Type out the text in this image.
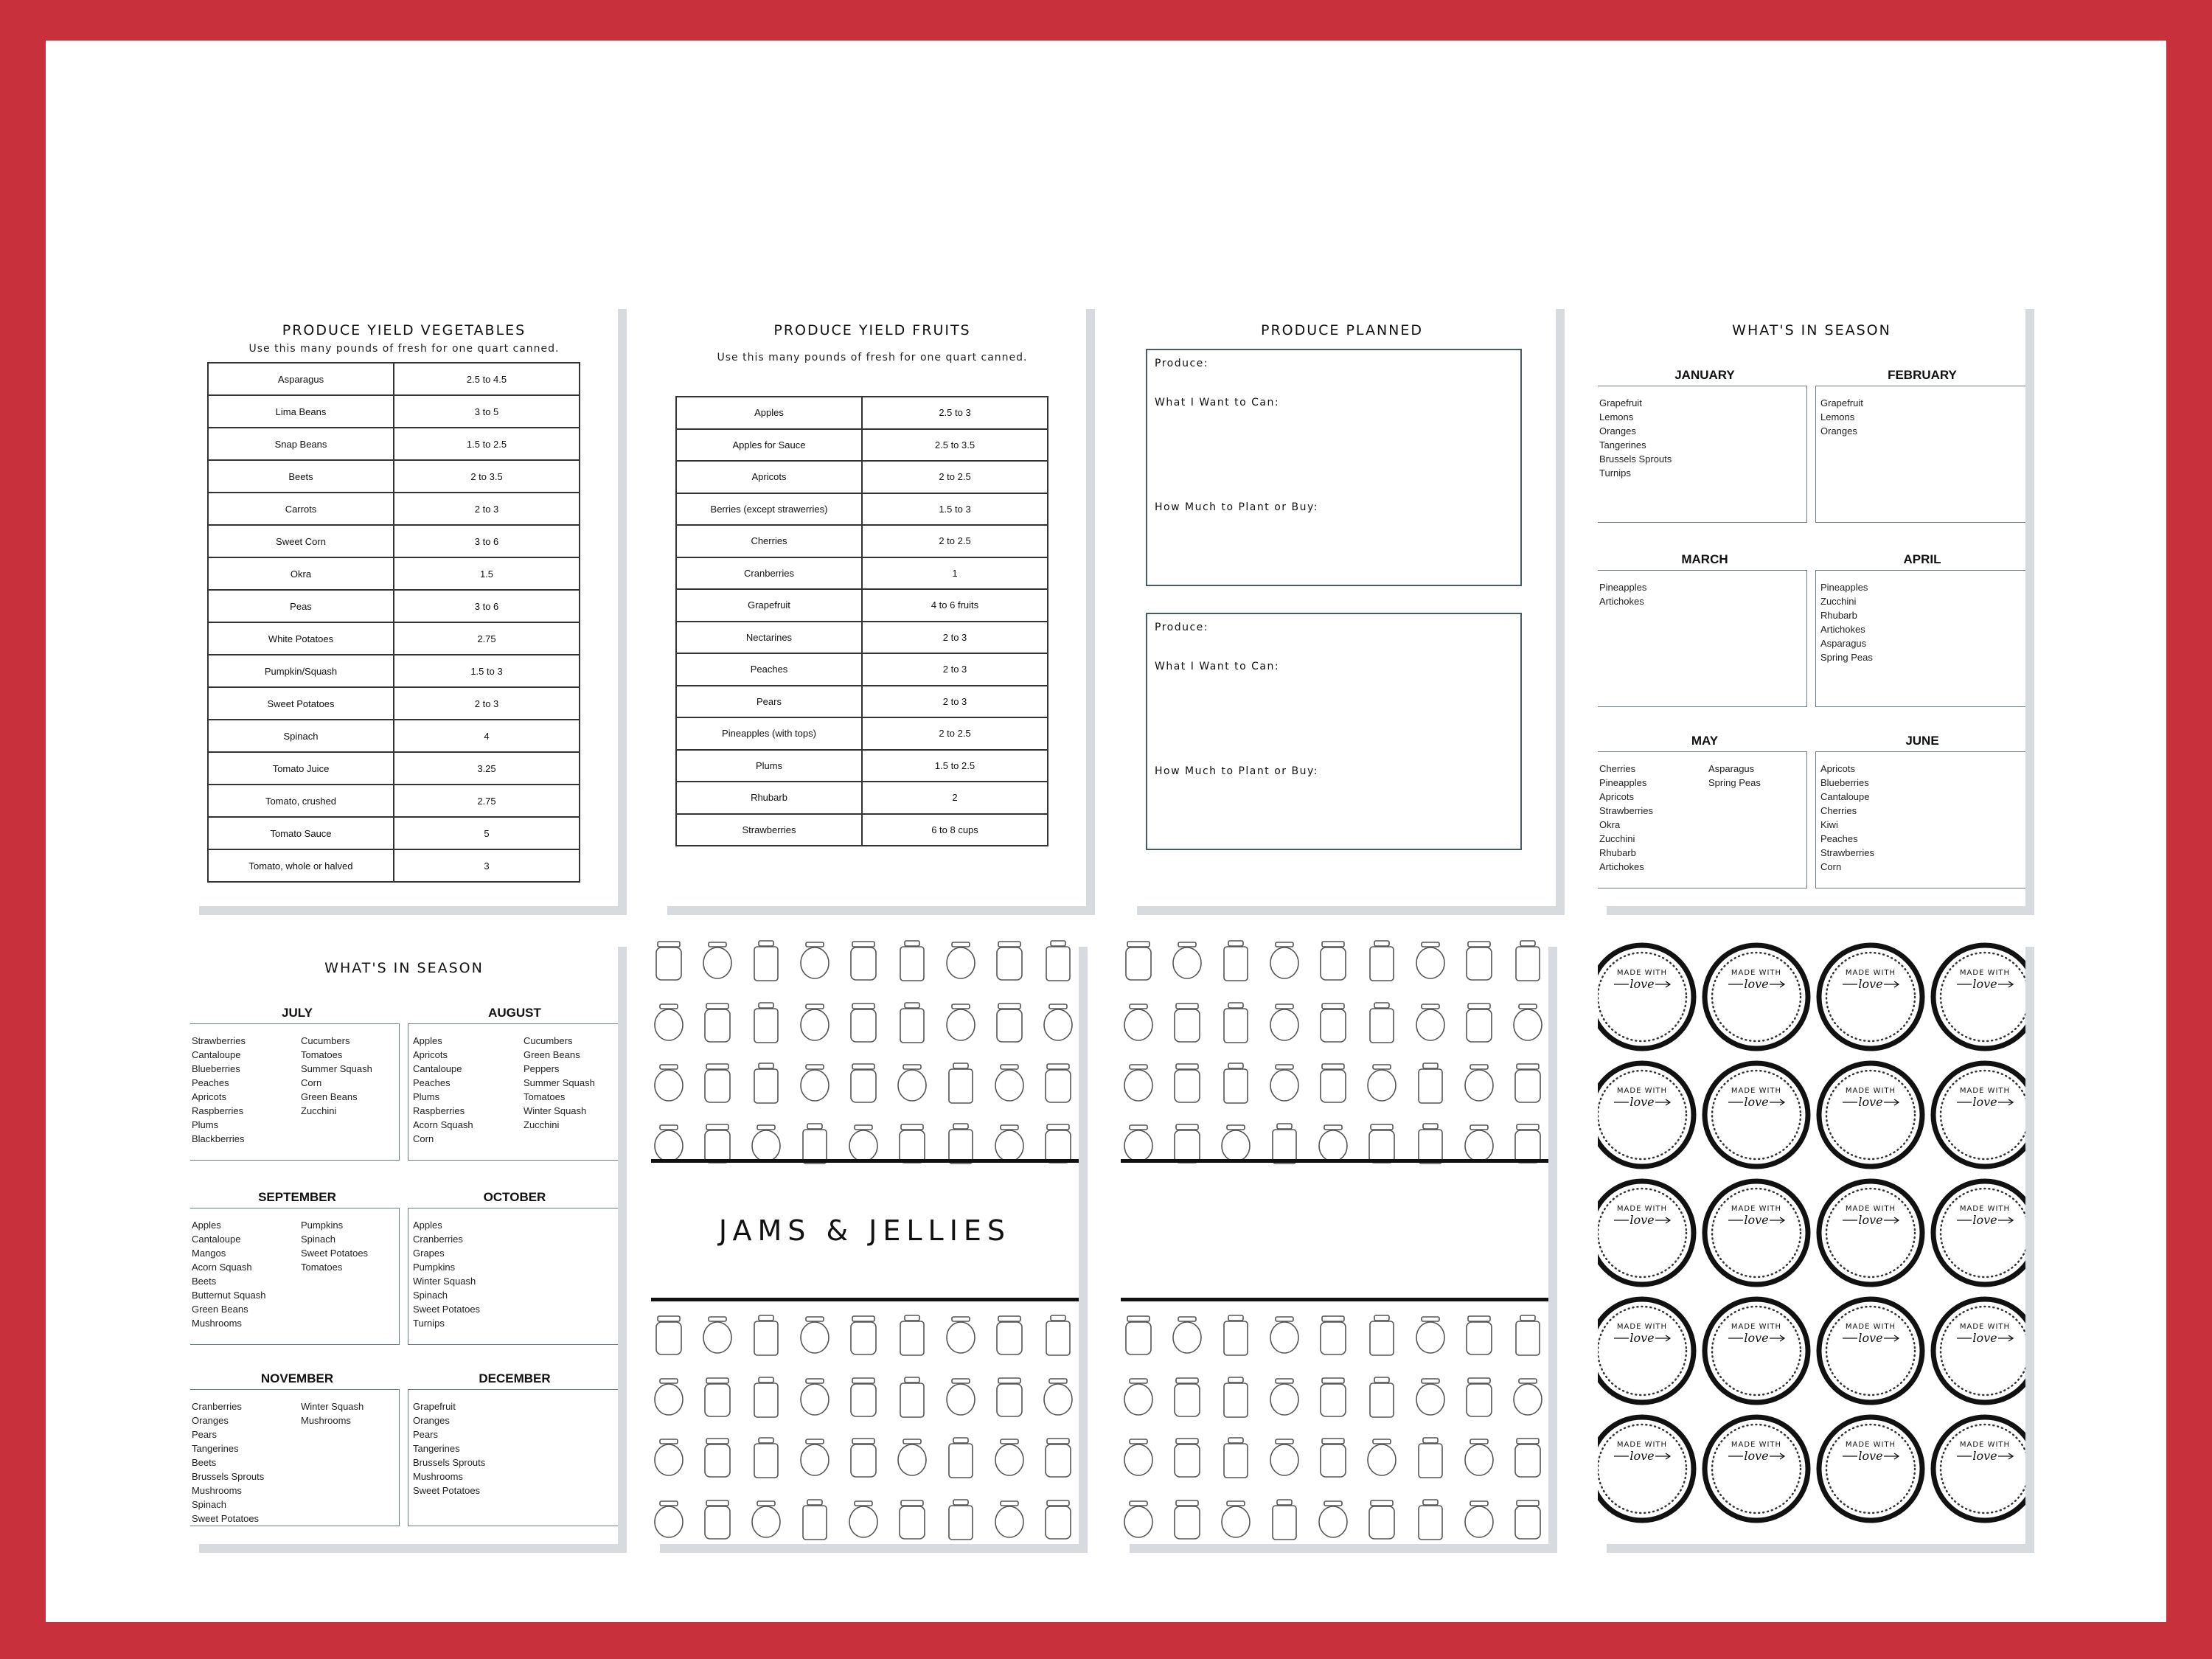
PRODUCE YIELD VEGETABLES
Use this many pounds of fresh for one quart canned.
Asparagus	2.5 to 4.5
Lima Beans	3 to 5
Snap Beans	1.5 to 2.5
Beets	2 to 3.5
Carrots	2 to 3
Sweet Corn	3 to 6
Okra	1.5
Peas	3 to 6
White Potatoes	2.75
Pumpkin/Squash	1.5 to 3
Sweet Potatoes	2 to 3
Spinach	4
Tomato Juice	3.25
Tomato, crushed	2.75
Tomato Sauce	5
Tomato, whole or halved	3
PRODUCE YIELD FRUITS
Use this many pounds of fresh for one quart canned.
Apples	2.5 to 3
Apples for Sauce	2.5 to 3.5
Apricots	2 to 2.5
Berries (except strawerries)	1.5 to 3
Cherries	2 to 2.5
Cranberries	1
Grapefruit	4 to 6 fruits
Nectarines	2 to 3
Peaches	2 to 3
Pears	2 to 3
Pineapples (with tops)	2 to 2.5
Plums	1.5 to 2.5
Rhubarb	2
Strawberries	6 to 8 cups
PRODUCE PLANNED
Produce:
What I Want to Can:
How Much to Plant or Buy:
Produce:
What I Want to Can:
How Much to Plant or Buy:
WHAT'S IN SEASON
JANUARY
Grapefruit
Lemons
Oranges
Tangerines
Brussels Sprouts
Turnips
FEBRUARY
Grapefruit
Lemons
Oranges
MARCH
Pineapples
Artichokes
APRIL
Pineapples
Zucchini
Rhubarb
Artichokes
Asparagus
Spring Peas
MAY
Cherries
Pineapples
Apricots
Strawberries
Okra
Zucchini
Rhubarb
Artichokes
Asparagus
Spring Peas
JUNE
Apricots
Blueberries
Cantaloupe
Cherries
Kiwi
Peaches
Strawberries
Corn
WHAT'S IN SEASON
JULY
Strawberries
Cantaloupe
Blueberries
Peaches
Apricots
Raspberries
Plums
Blackberries
Cucumbers
Tomatoes
Summer Squash
Corn
Green Beans
Zucchini
AUGUST
Apples
Apricots
Cantaloupe
Peaches
Plums
Raspberries
Acorn Squash
Corn
Cucumbers
Green Beans
Peppers
Summer Squash
Tomatoes
Winter Squash
Zucchini
SEPTEMBER
Apples
Cantaloupe
Mangos
Acorn Squash
Beets
Butternut Squash
Green Beans
Mushrooms
Pumpkins
Spinach
Sweet Potatoes
Tomatoes
OCTOBER
Apples
Cranberries
Grapes
Pumpkins
Winter Squash
Spinach
Sweet Potatoes
Turnips
NOVEMBER
Cranberries
Oranges
Pears
Tangerines
Beets
Brussels Sprouts
Mushrooms
Spinach
Sweet Potatoes
Winter Squash
Mushrooms
DECEMBER
Grapefruit
Oranges
Pears
Tangerines
Brussels Sprouts
Mushrooms
Sweet Potatoes
JAMS & JELLIES
MADE WITH
love
MADE WITH
love
MADE WITH
love
MADE WITH
love
MADE WITH
love
MADE WITH
love
MADE WITH
love
MADE WITH
love
MADE WITH
love
MADE WITH
love
MADE WITH
love
MADE WITH
love
MADE WITH
love
MADE WITH
love
MADE WITH
love
MADE WITH
love
MADE WITH
love
MADE WITH
love
MADE WITH
love
MADE WITH
love
